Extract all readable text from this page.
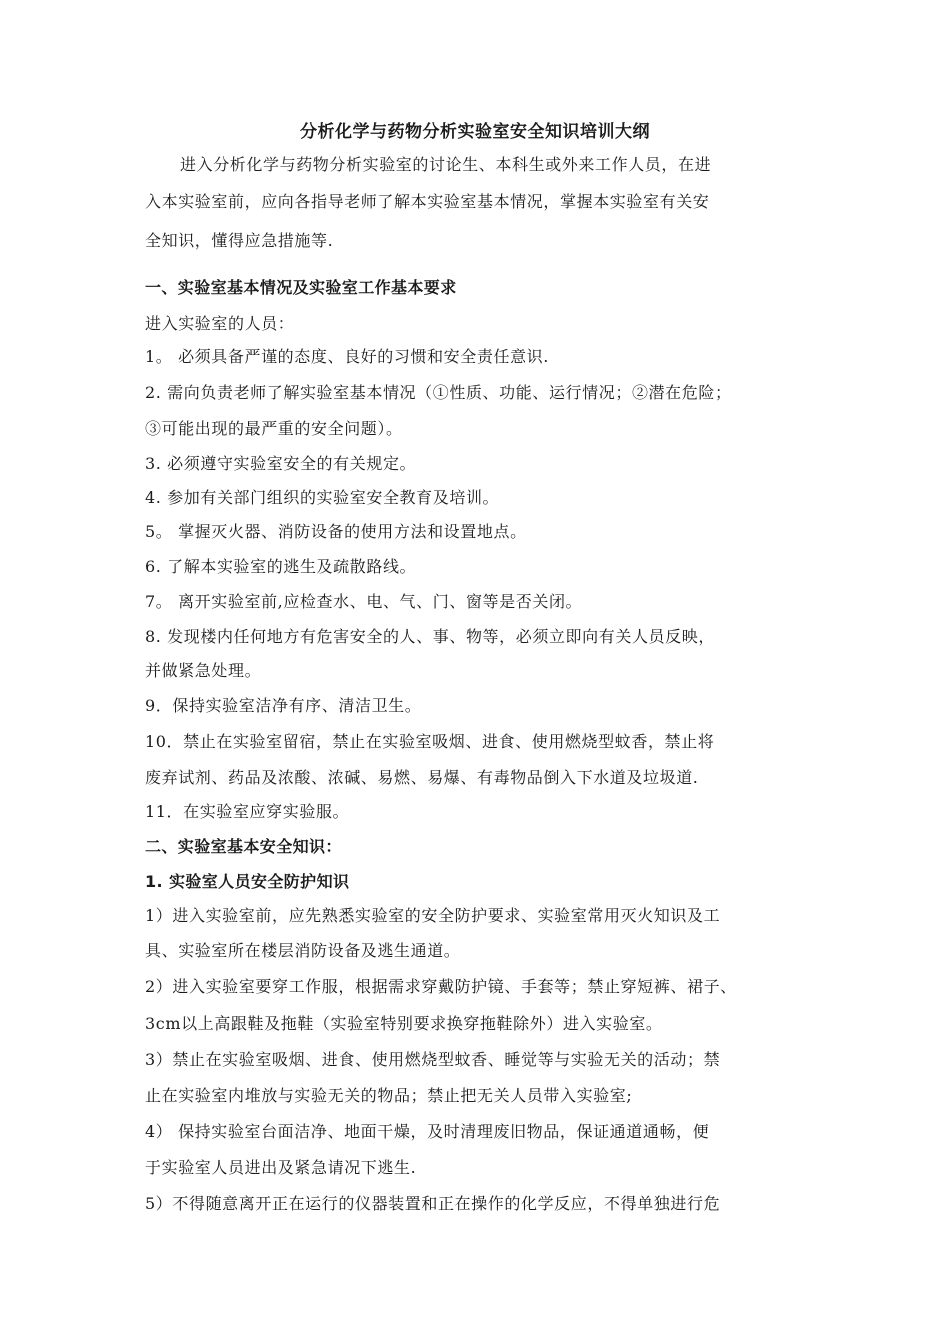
分析化学与药物分析实验室安全知识培训大纲
进入分析化学与药物分析实验室的讨论生、本科生或外来工作人员，在进
入本实验室前，应向各指导老师了解本实验室基本情况，掌握本实验室有关安
全知识，懂得应急措施等.
一、实验室基本情况及实验室工作基本要求
进入实验室的人员：
1。 必须具备严谨的态度、良好的习惯和安全责任意识.
2. 需向负责老师了解实验室基本情况（①性质、功能、运行情况；②潜在危险；
③可能出现的最严重的安全问题）。
3. 必须遵守实验室安全的有关规定。
4. 参加有关部门组织的实验室安全教育及培训。
5。 掌握灭火器、消防设备的使用方法和设置地点。
6. 了解本实验室的逃生及疏散路线。
7。 离开实验室前,应检查水、电、气、门、窗等是否关闭。
8. 发现楼内任何地方有危害安全的人、事、物等，必须立即向有关人员反映，
并做紧急处理。
9．保持实验室洁净有序、清洁卫生。
10．禁止在实验室留宿，禁止在实验室吸烟、进食、使用燃烧型蚊香，禁止将
废弃试剂、药品及浓酸、浓碱、易燃、易爆、有毒物品倒入下水道及垃圾道.
11．在实验室应穿实验服。
二、实验室基本安全知识：
1. 实验室人员安全防护知识
1）进入实验室前，应先熟悉实验室的安全防护要求、实验室常用灭火知识及工
具、实验室所在楼层消防设备及逃生通道。
2）进入实验室要穿工作服，根据需求穿戴防护镜、手套等；禁止穿短裤、裙子、
3cm以上高跟鞋及拖鞋（实验室特别要求换穿拖鞋除外）进入实验室。
3）禁止在实验室吸烟、进食、使用燃烧型蚊香、睡觉等与实验无关的活动；禁
止在实验室内堆放与实验无关的物品；禁止把无关人员带入实验室;
4） 保持实验室台面洁净、地面干燥，及时清理废旧物品，保证通道通畅，便
于实验室人员进出及紧急请况下逃生.
5）不得随意离开正在运行的仪器装置和正在操作的化学反应，不得单独进行危
